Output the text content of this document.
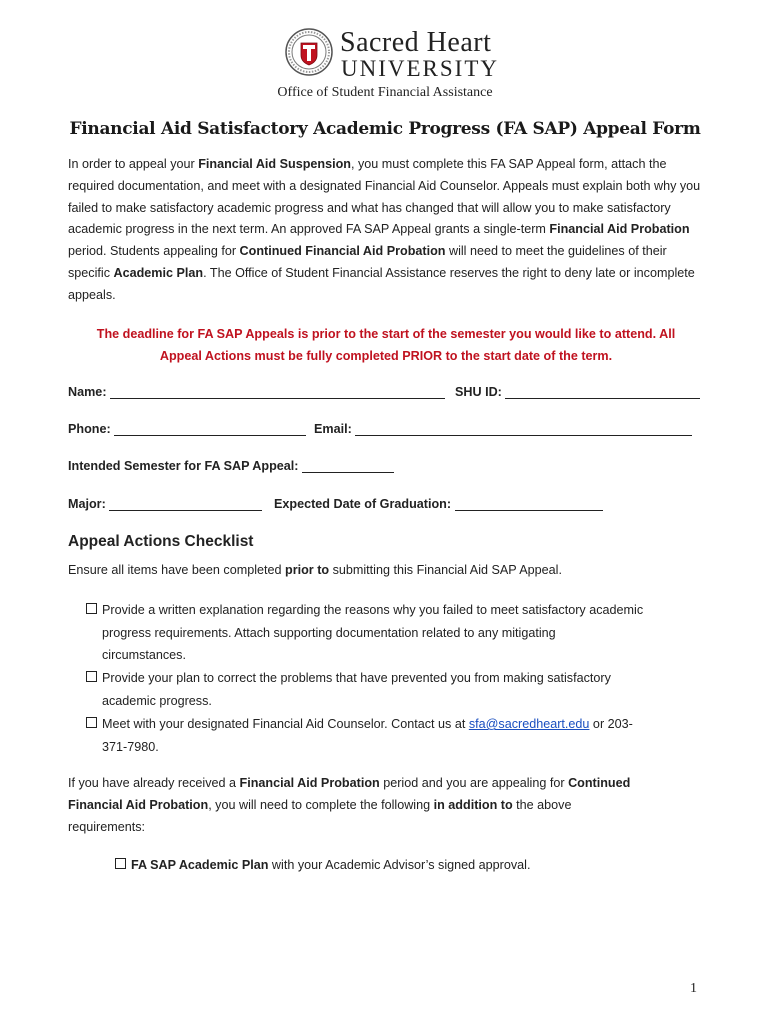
Sacred Heart
UNIVERSITY
Office of Student Financial Assistance
Financial Aid Satisfactory Academic Progress (FA SAP) Appeal Form
In order to appeal your Financial Aid Suspension, you must complete this FA SAP Appeal form, attach the required documentation, and meet with a designated Financial Aid Counselor. Appeals must explain both why you failed to make satisfactory academic progress and what has changed that will allow you to make satisfactory academic progress in the next term. An approved FA SAP Appeal grants a single-term Financial Aid Probation period. Students appealing for Continued Financial Aid Probation will need to meet the guidelines of their specific Academic Plan. The Office of Student Financial Assistance reserves the right to deny late or incomplete appeals.
The deadline for FA SAP Appeals is prior to the start of the semester you would like to attend. All
Appeal Actions must be fully completed PRIOR to the start date of the term.
Name:	SHU ID:
Phone:	Email:
Intended Semester for FA SAP Appeal:
Major:	Expected Date of Graduation:
Appeal Actions Checklist
Ensure all items have been completed prior to submitting this Financial Aid SAP Appeal.
Provide a written explanation regarding the reasons why you failed to meet satisfactory academic
progress requirements. Attach supporting documentation related to any mitigating
circumstances.
Provide your plan to correct the problems that have prevented you from making satisfactory
academic progress.
Meet with your designated Financial Aid Counselor. Contact us at sfa@sacredheart.edu or 203-
371-7980.
If you have already received a Financial Aid Probation period and you are appealing for Continued
Financial Aid Probation, you will need to complete the following in addition to the above
requirements:
FA SAP Academic Plan with your Academic Advisor’s signed approval.
1
